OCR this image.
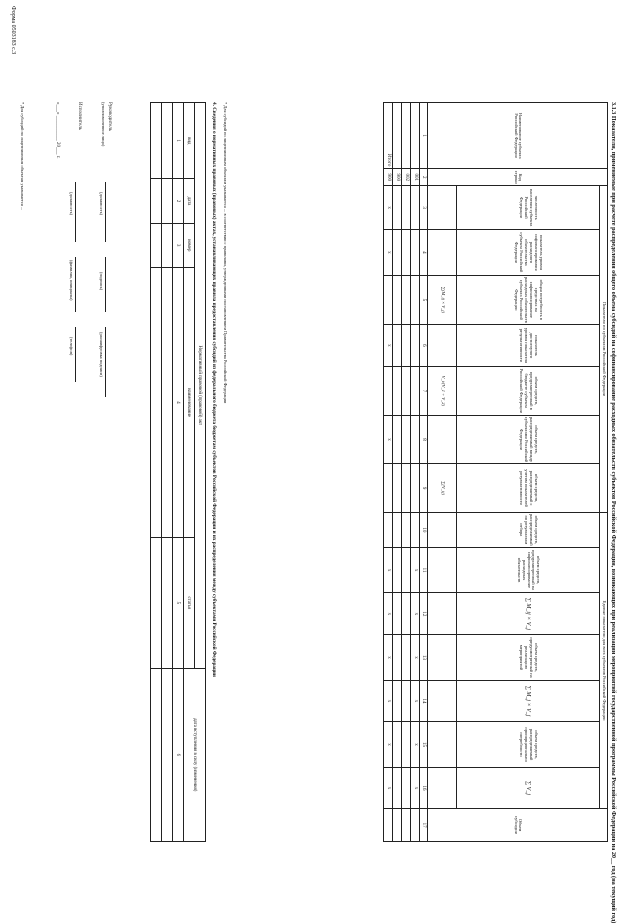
Форма 0503183 с.3
3.1.3 Показатели, применяемые при расчете распределения общего объема субсидий на софинансирование расходных обязательств субъектов Российской Федерации, возникающих при реализации мероприятий государственной программы Российской Федерации на 20__ год (на текущий год)
Наименование субъекта Российской Федерации	Код строки	Показатели по субъектам Российской Федерации							Единые показатели для всех субъектов Российской Федерации							Объем субсидии
		численность населения субъекта Российской Федерации	показатель уровня софинансирования расходного обязательства субъекта Российской Федерации	общая потребность в средствах на софинансирование расходных обязательств субъекта Российской Федерации	показатель достигнутого уровня показателя результативности	объем средств, предусмотренный в бюджете субъекта Российской Федерации	объем средств, распределяемый между субъектами Российской Федерации	объем средств, распределяемый с учетом показателей результативности	объем средств, распределяемый по результатам отбора	объем средств, предусмотренный на софинансирование расходных обязательств	∑ M_ij × V_j	объем средств, предусмотренный на реализацию мероприятий	∑ M_j × V_j	объем средств, распределяемый пропорционально потребности	∑ V_j	
				∑(M_ij × V_j)		V_i/(V_1 + V_2)		∑(V_ij)								
1	2	3	4	5	6	7	8	9	10	11	12	13	14	15	16	17
	001									x	x	x	x	x	x	
	002															
	900															
Итого	900	x	x		x		x			x	x	x	x	x	x	
* Для субсидий по лицензионным объектам указывается ... в соответствии с правилами, утвержденными постановлением Правительства Российской Федерации
4. Сведения о нормативных правовых (правовых) актах, устанавливающих правила предоставления субсидий из федерального бюджета бюджетам субъектов Российской Федерации и их распределения между субъектами Российской Федерации
Нормативный правовой (правовой) акт					дата вступления в силу (изменения)
вид	дата	номер	наименование	статья	
1	2	3	4	5	6

Руководитель
(уполномоченное лицо)
(должность)
(подпись)
(расшифровка подписи)
Исполнитель
(должность)
(фамилия, инициалы)
(телефон)
«___» __________ 20___ г.
* Для субсидий по лицензионным объектам указывается ...
